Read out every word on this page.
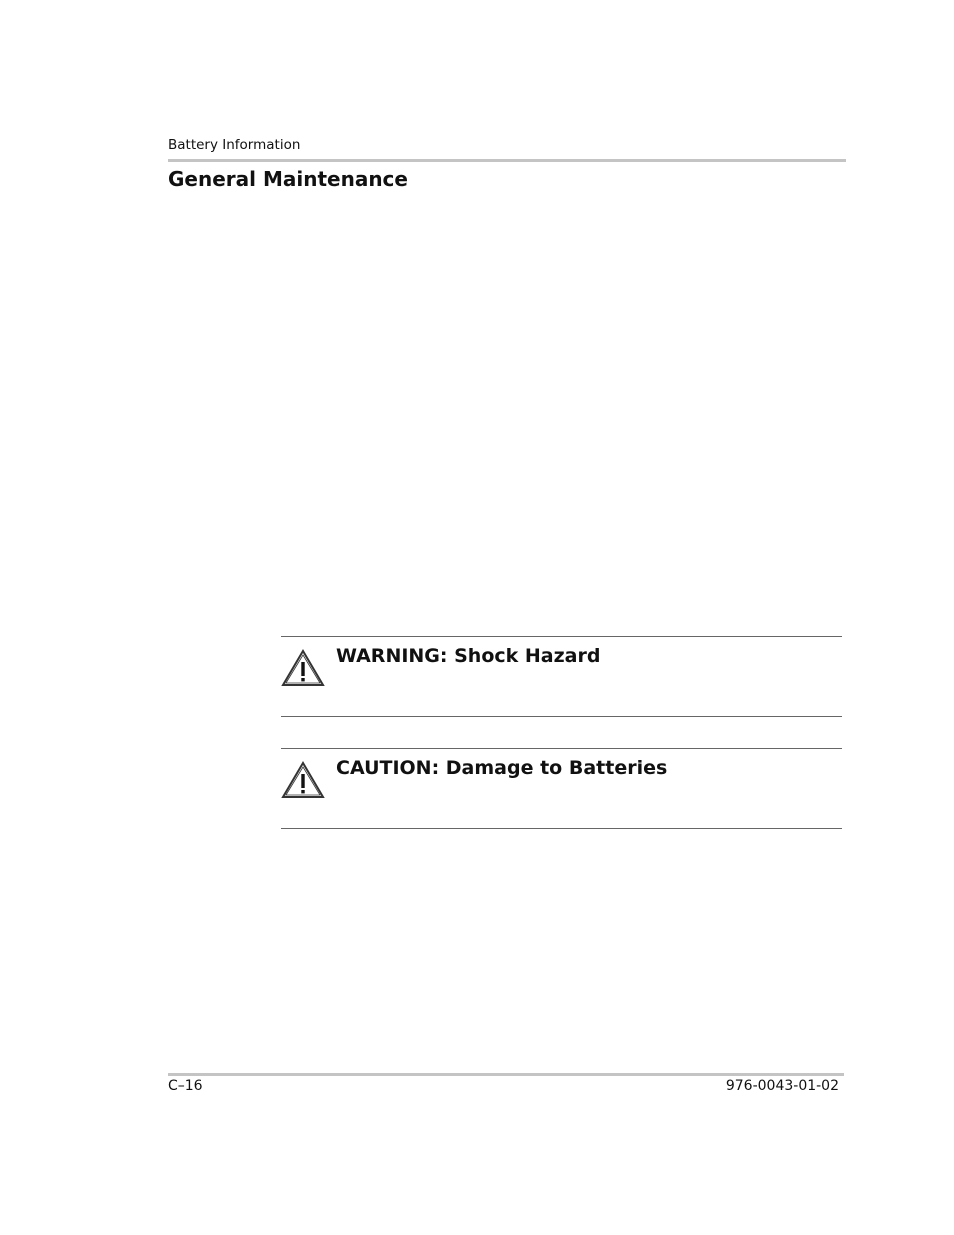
Battery Information
General Maintenance
WARNING: Shock Hazard
CAUTION: Damage to Batteries
C–16	976-0043-01-02
